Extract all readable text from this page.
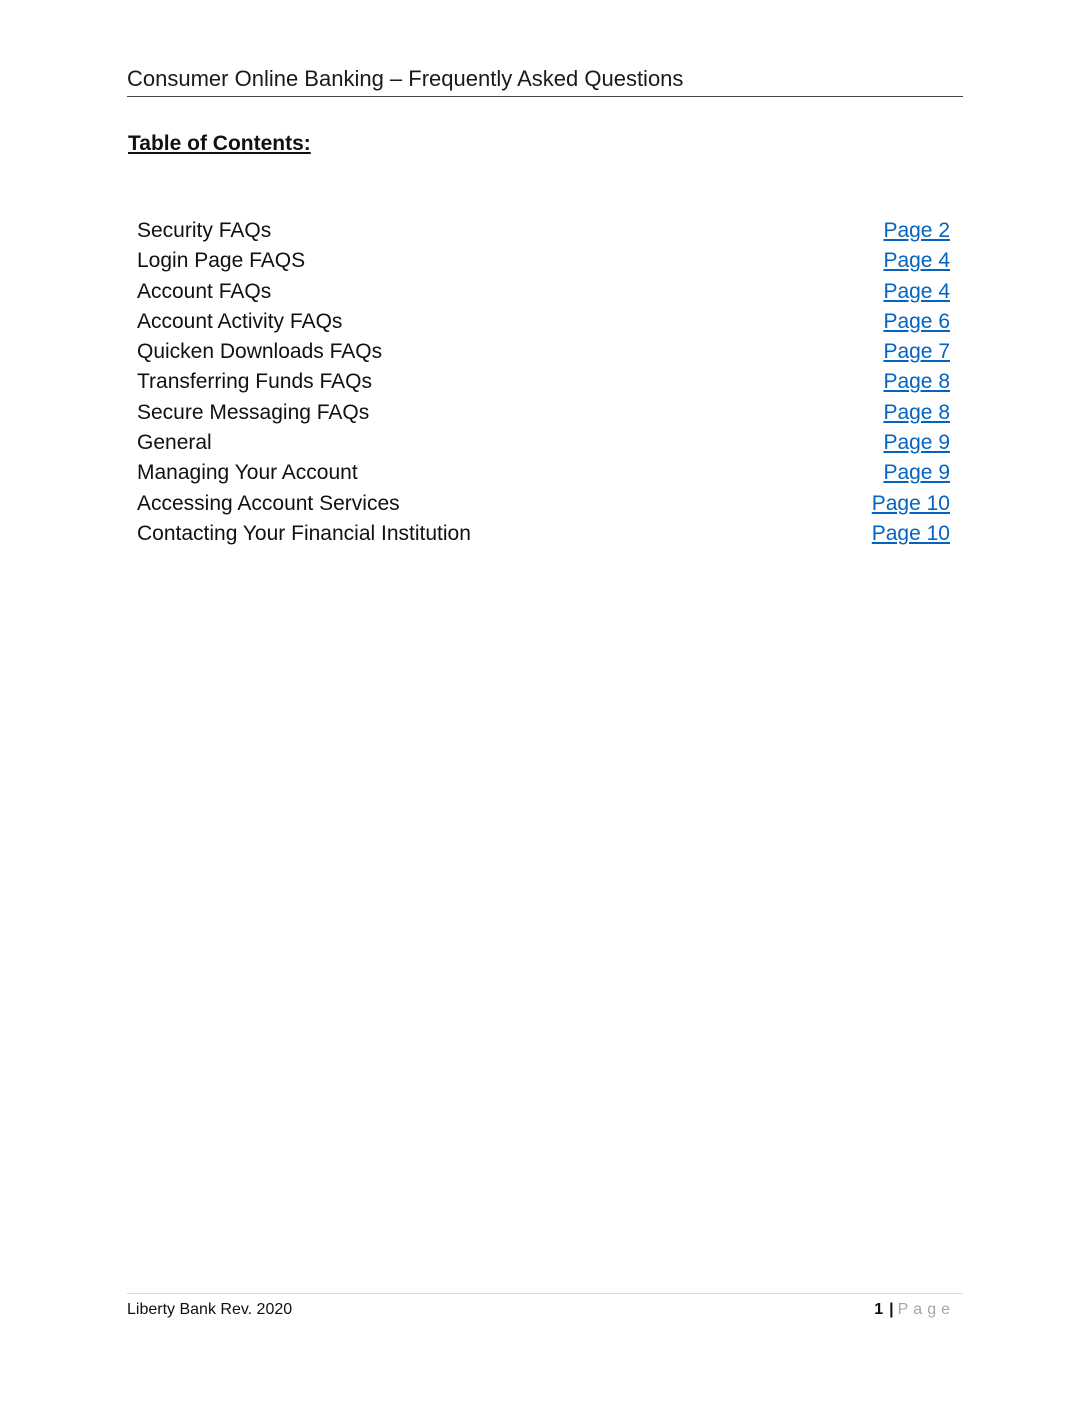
Consumer Online Banking – Frequently Asked Questions
Table of Contents:
Security FAQs	Page 2
Login Page FAQS	Page 4
Account FAQs	Page 4
Account Activity FAQs	Page 6
Quicken Downloads FAQs	Page 7
Transferring Funds FAQs	Page 8
Secure Messaging FAQs	Page 8
General	Page 9
Managing Your Account	Page 9
Accessing Account Services	Page 10
Contacting Your Financial Institution	Page 10
Liberty Bank Rev. 2020	1 | Page
